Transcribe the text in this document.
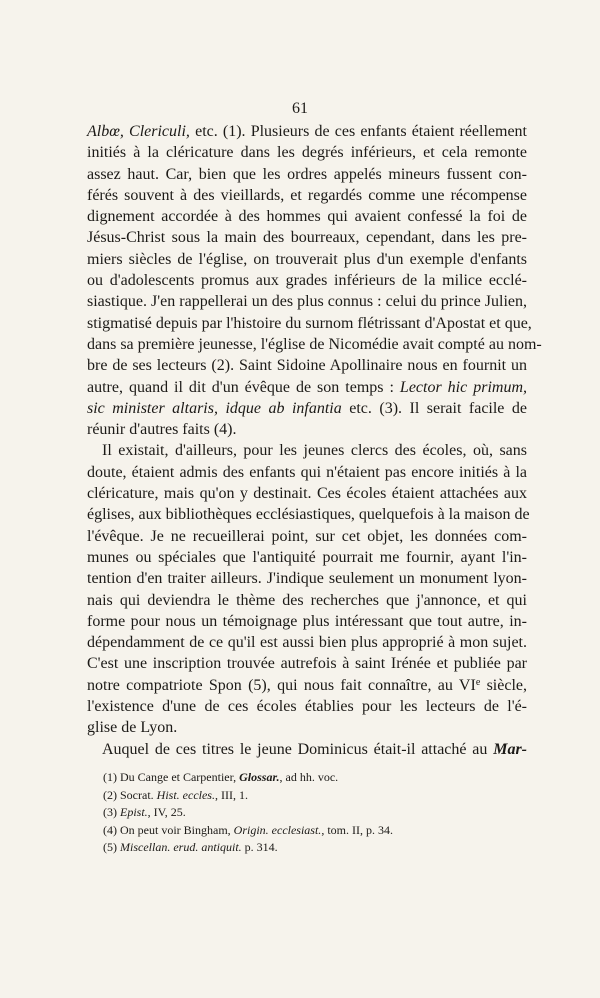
61
Albœ, Clericuli, etc. (1). Plusieurs de ces enfants étaient réellement
initiés à la cléricature dans les degrés inférieurs, et cela remonte
assez haut. Car, bien que les ordres appelés mineurs fussent con-
férés souvent à des vieillards, et regardés comme une récompense
dignement accordée à des hommes qui avaient confessé la foi de
Jésus-Christ sous la main des bourreaux, cependant, dans les pre-
miers siècles de l'église, on trouverait plus d'un exemple d'enfants
ou d'adolescents promus aux grades inférieurs de la milice ecclé-
siastique. J'en rappellerai un des plus connus : celui du prince Julien,
stigmatisé depuis par l'histoire du surnom flétrissant d'Apostat et que,
dans sa première jeunesse, l'église de Nicomédie avait compté au nom-
bre de ses lecteurs (2). Saint Sidoine Apollinaire nous en fournit un
autre, quand il dit d'un évêque de son temps : Lector hic primum,
sic minister altaris, idque ab infantia etc. (3). Il serait facile de
réunir d'autres faits (4).
Il existait, d'ailleurs, pour les jeunes clercs des écoles, où, sans
doute, étaient admis des enfants qui n'étaient pas encore initiés à la
cléricature, mais qu'on y destinait. Ces écoles étaient attachées aux
églises, aux bibliothèques ecclésiastiques, quelquefois à la maison de
l'évêque. Je ne recueillerai point, sur cet objet, les données com-
munes ou spéciales que l'antiquité pourrait me fournir, ayant l'in-
tention d'en traiter ailleurs. J'indique seulement un monument lyon-
nais qui deviendra le thème des recherches que j'annonce, et qui
forme pour nous un témoignage plus intéressant que tout autre, in-
dépendamment de ce qu'il est aussi bien plus approprié à mon sujet.
C'est une inscription trouvée autrefois à saint Irénée et publiée par
notre compatriote Spon (5), qui nous fait connaître, au VIe siècle,
l'existence d'une de ces écoles établies pour les lecteurs de l'é-
glise de Lyon.
Auquel de ces titres le jeune Dominicus était-il attaché au Mar-
(1) Du Cange et Carpentier, Glossar., ad hh. voc.
(2) Socrat. Hist. eccles., III, 1.
(3) Epist., IV, 25.
(4) On peut voir Bingham, Origin. ecclesiast., tom. II, p. 34.
(5) Miscellan. erud. antiquit. p. 314.
